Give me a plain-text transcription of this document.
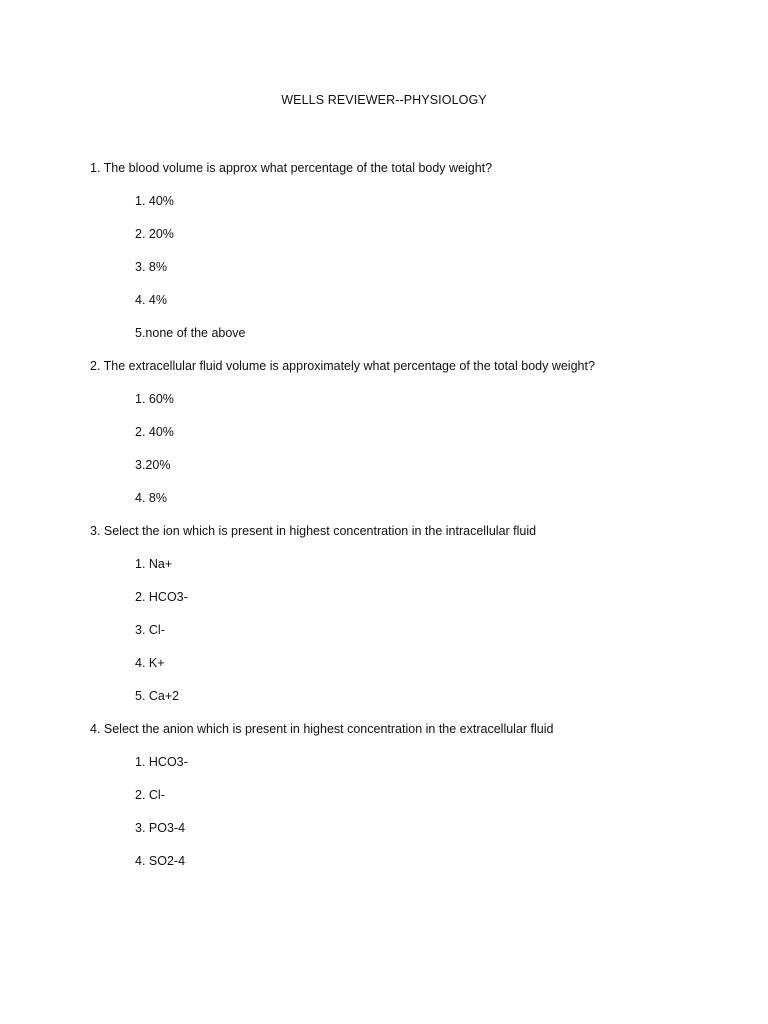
WELLS REVIEWER--PHYSIOLOGY
1. The blood volume is approx what percentage of the total body weight?
1. 40%
2. 20%
3. 8%
4. 4%
5.none of the above
2. The extracellular fluid volume is approximately what percentage of the total body weight?
1. 60%
2. 40%
3.20%
4. 8%
3. Select the ion which is present in highest concentration in the intracellular fluid
1. Na+
2. HCO3-
3. Cl-
4. K+
5. Ca+2
4. Select the anion which is present in highest concentration in the extracellular fluid
1. HCO3-
2. Cl-
3. PO3-4
4. SO2-4
